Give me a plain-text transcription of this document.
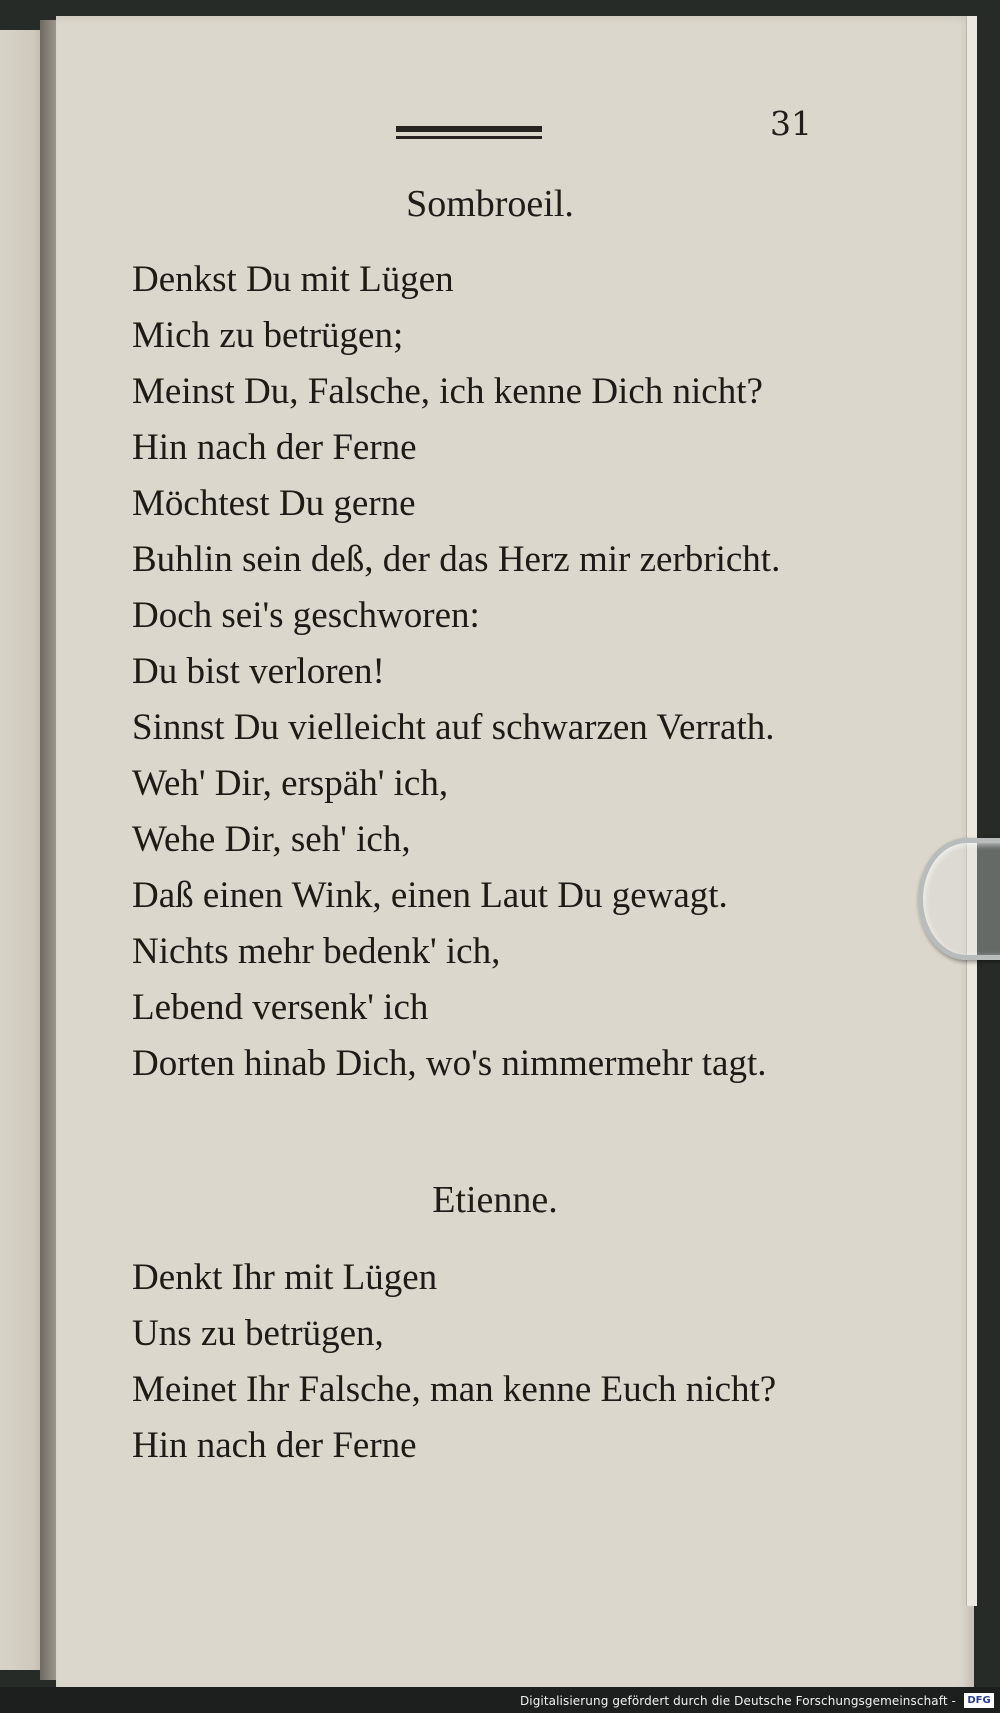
31
Sombroeil.
Denkst Du mit Lügen
Mich zu betrügen;
Meinst Du, Falsche, ich kenne Dich nicht?
Hin nach der Ferne
Möchtest Du gerne
Buhlin sein deß, der das Herz mir zerbricht.
Doch sei's geschworen:
Du bist verloren!
Sinnst Du vielleicht auf schwarzen Verrath.
Weh' Dir, erspäh' ich,
Wehe Dir, seh' ich,
Daß einen Wink, einen Laut Du gewagt.
Nichts mehr bedenk' ich,
Lebend versenk' ich
Dorten hinab Dich, wo's nimmermehr tagt.
Etienne.
Denkt Ihr mit Lügen
Uns zu betrügen,
Meinet Ihr Falsche, man kenne Euch nicht?
Hin nach der Ferne
Digitalisierung gefördert durch die Deutsche Forschungsgemeinschaft -	DFG
